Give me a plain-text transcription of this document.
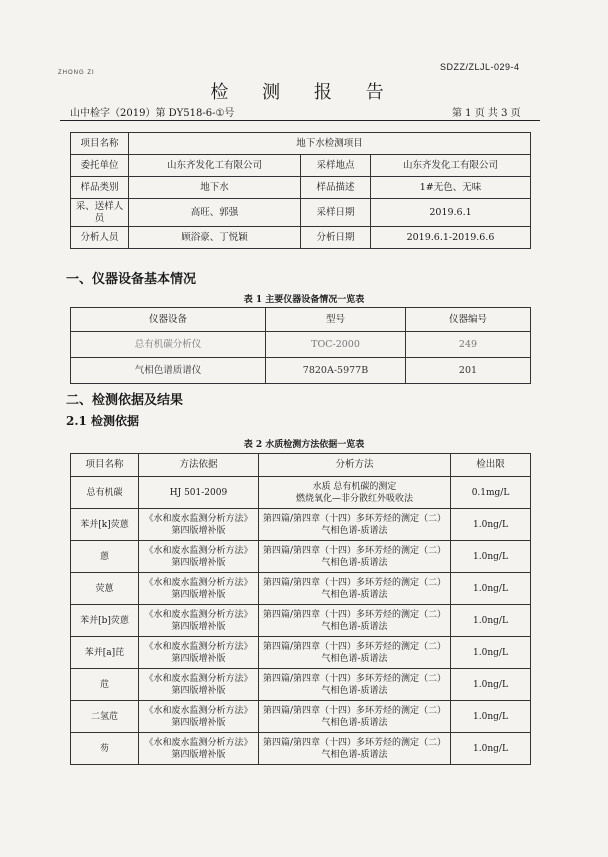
ZHONG ZI
SDZZ/ZLJL-029-4
检 测 报 告
山中检字（2019）第 DY518-6-①号	第 1 页 共 3 页
项目名称	地下水检测项目		
委托单位	山东齐发化工有限公司	采样地点	山东齐发化工有限公司
样品类别	地下水	样品描述	1#无色、无味
采、送样人员	高旺、郭强	采样日期	2019.6.1
分析人员	顾浴豪、丁悦颖	分析日期	2019.6.1-2019.6.6
一、仪器设备基本情况
表 1 主要仪器设备情况一览表
仪器设备	型号	仪器编号
总有机碳分析仪	TOC-2000	249
气相色谱质谱仪	7820A-5977B	201
二、检测依据及结果
2.1 检测依据
表 2 水质检测方法依据一览表
项目名称	方法依据	分析方法	检出限
总有机碳	HJ 501-2009	水质 总有机碳的测定
燃烧氧化—非分散红外吸收法	0.1mg/L
苯并[k]荧蒽	《水和废水监测分析方法》第四版增补版	第四篇/第四章（十四）多环芳烃的测定（二）气相色谱-质谱法	1.0ng/L
蒽	《水和废水监测分析方法》第四版增补版	第四篇/第四章（十四）多环芳烃的测定（二）气相色谱-质谱法	1.0ng/L
荧蒽	《水和废水监测分析方法》第四版增补版	第四篇/第四章（十四）多环芳烃的测定（二）气相色谱-质谱法	1.0ng/L
苯并[b]荧蒽	《水和废水监测分析方法》第四版增补版	第四篇/第四章（十四）多环芳烃的测定（二）气相色谱-质谱法	1.0ng/L
苯并[a]芘	《水和废水监测分析方法》第四版增补版	第四篇/第四章（十四）多环芳烃的测定（二）气相色谱-质谱法	1.0ng/L
苊	《水和废水监测分析方法》第四版增补版	第四篇/第四章（十四）多环芳烃的测定（二）气相色谱-质谱法	1.0ng/L
二氢苊	《水和废水监测分析方法》第四版增补版	第四篇/第四章（十四）多环芳烃的测定（二）气相色谱-质谱法	1.0ng/L
芴	《水和废水监测分析方法》第四版增补版	第四篇/第四章（十四）多环芳烃的测定（二）气相色谱-质谱法	1.0ng/L
